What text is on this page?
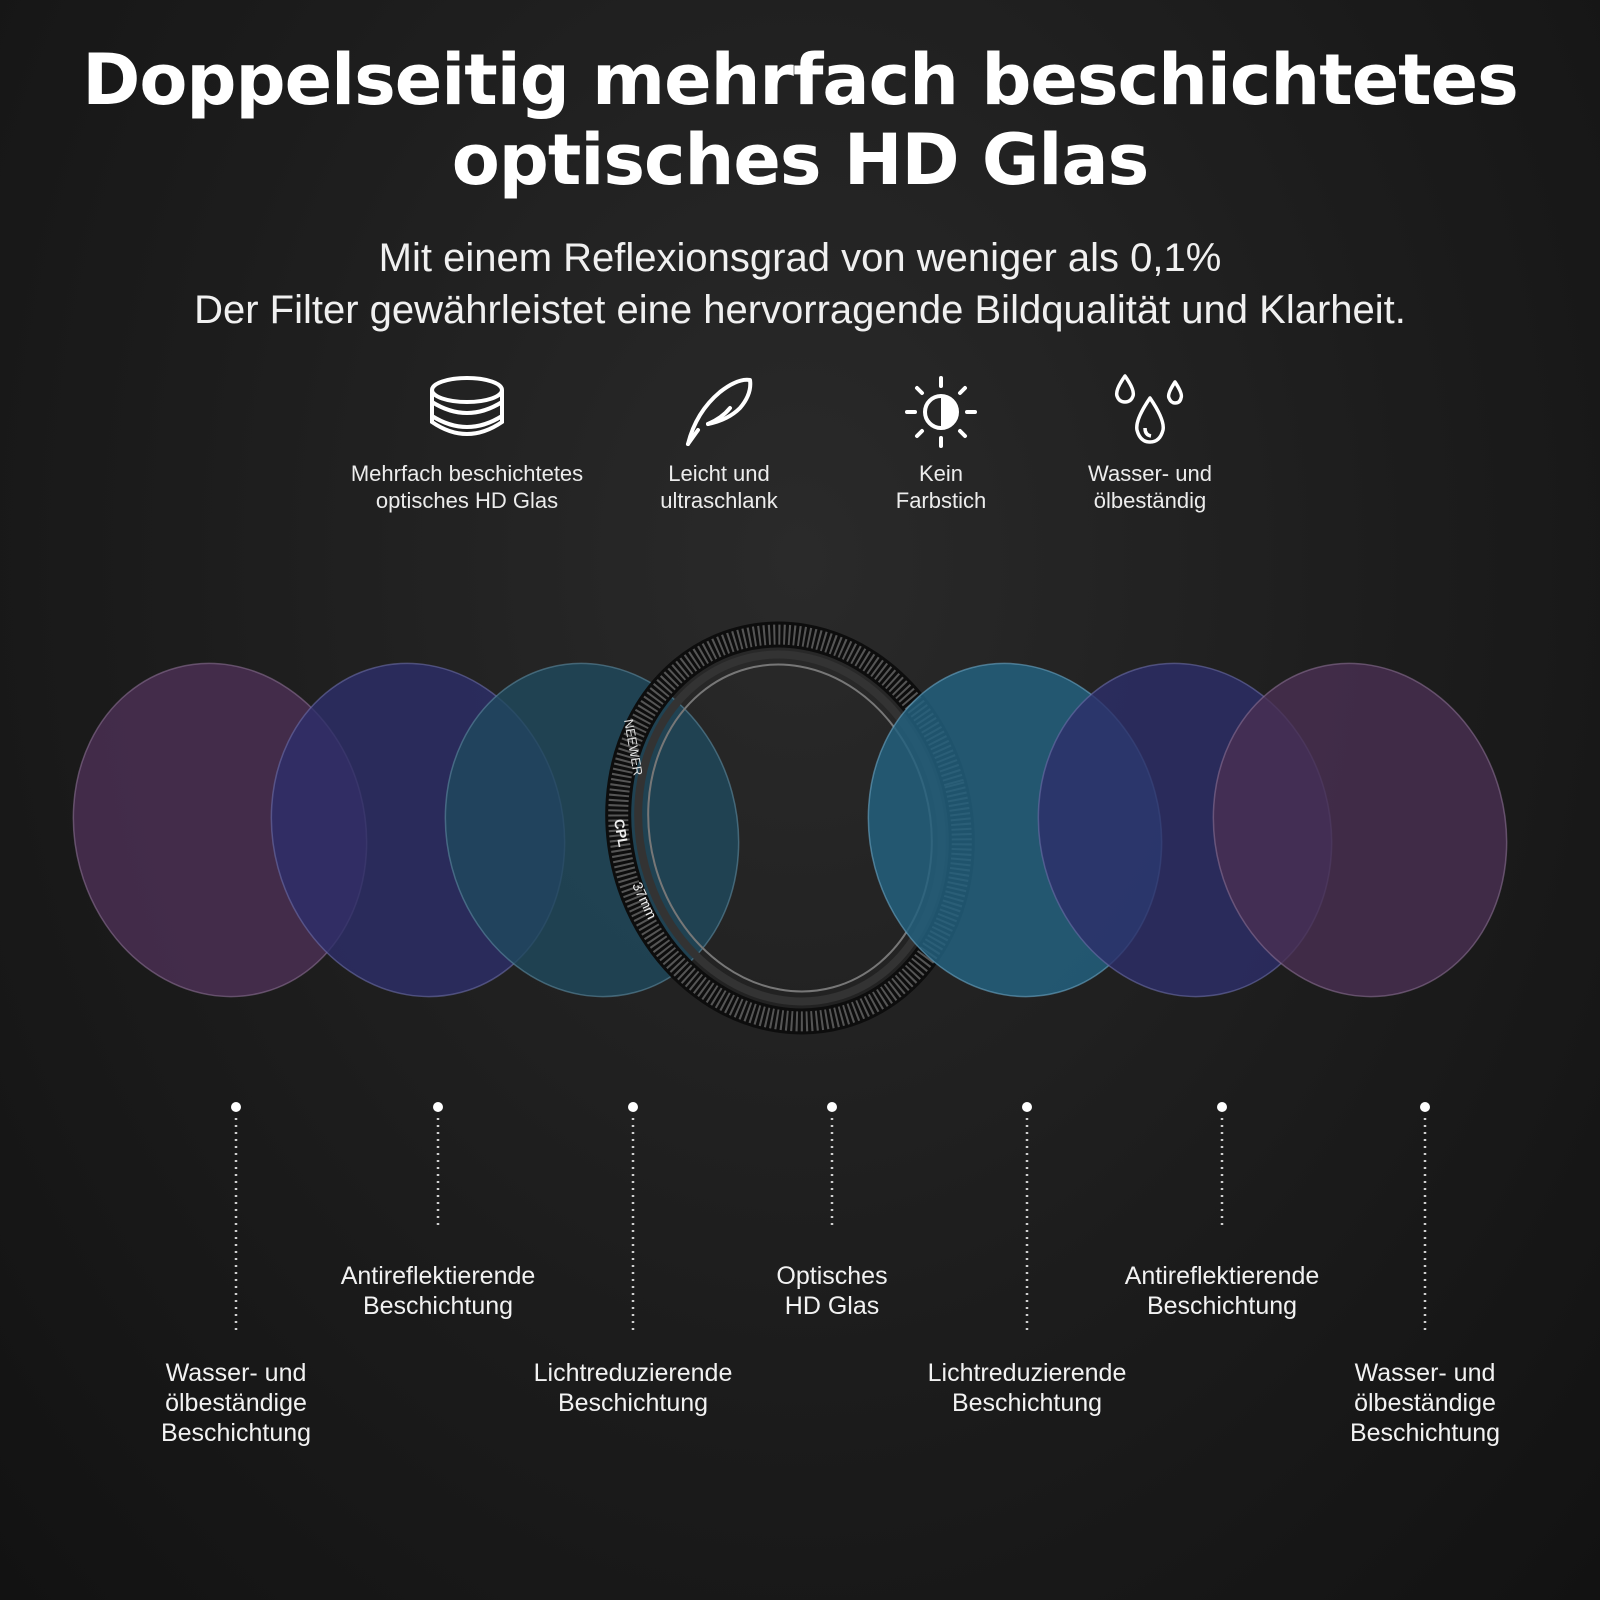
Doppelseitig mehrfach beschichtetes
optisches HD Glas

Mit einem Reflexionsgrad von weniger als 0,1%
Der Filter gewährleistet eine hervorragende Bildqualität und Klarheit.

Mehrfach beschichtetes
optisches HD Glas
Leicht und
ultraschlank
Kein
Farbstich
Wasser- und
ölbeständig
NEEWER
CPL
37mm
Wasser- und
ölbeständige
Beschichtung
Antireflektierende
Beschichtung
Lichtreduzierende
Beschichtung
Optisches
HD Glas
Lichtreduzierende
Beschichtung
Antireflektierende
Beschichtung
Wasser- und
ölbeständige
Beschichtung
